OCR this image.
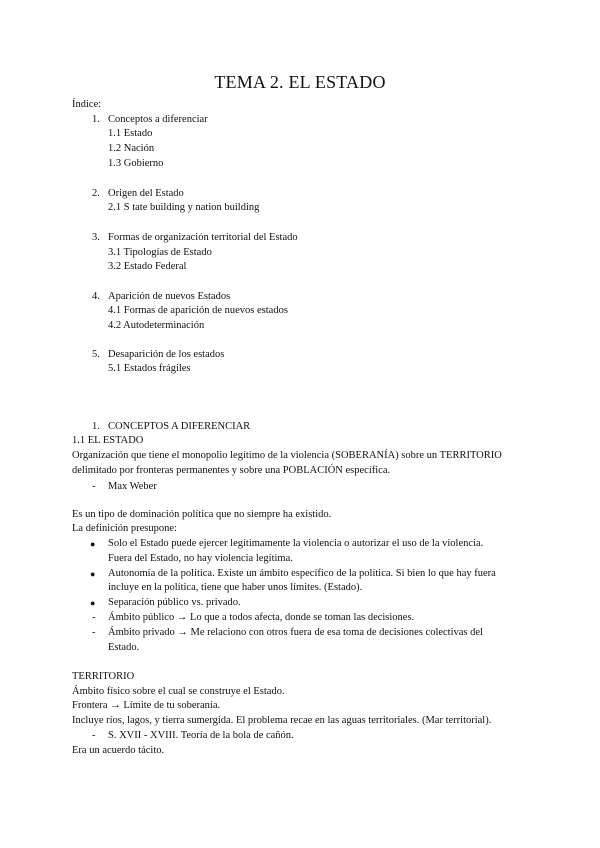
TEMA 2. EL ESTADO
Índice:
1. Conceptos a diferenciar
1.1 Estado
1.2 Nación
1.3 Gobierno
2. Origen del Estado
2.1 S tate building y nation building
3. Formas de organización territorial del Estado
3.1 Tipologías de Estado
3.2 Estado Federal
4. Aparición de nuevos Estados
4.1 Formas de aparición de nuevos estados
4.2 Autodeterminación
5. Desaparición de los estados
5.1 Estados frágiles
1. CONCEPTOS A DIFERENCIAR
1.1 EL ESTADO
Organización que tiene el monopolio legítimo de la violencia (SOBERANÍA) sobre un TERRITORIO
delimitado por fronteras permanentes y sobre una POBLACIÓN específica.
- Max Weber
Es un tipo de dominación política que no siempre ha existido.
La definición presupone:
● Solo el Estado puede ejercer legítimamente la violencia o autorizar el uso de la violencia.
Fuera del Estado, no hay violencia legítima.
● Autonomía de la política. Existe un ámbito específico de la política. Si bien lo que hay fuera
incluye en la política, tiene que haber unos límites. (Estado).
● Separación público vs. privado.
- Ámbito público → Lo que a todos afecta, donde se toman las decisiones.
- Ámbito privado → Me relaciono con otros fuera de esa toma de decisiones colectivas del
Estado.
TERRITORIO
Ámbito físico sobre el cual se construye el Estado.
Frontera → Límite de tu soberanía.
Incluye ríos, lagos, y tierra sumergida. El problema recae en las aguas territoriales. (Mar territorial).
- S. XVII - XVIII. Teoría de la bola de cañón.
Era un acuerdo tácito.
